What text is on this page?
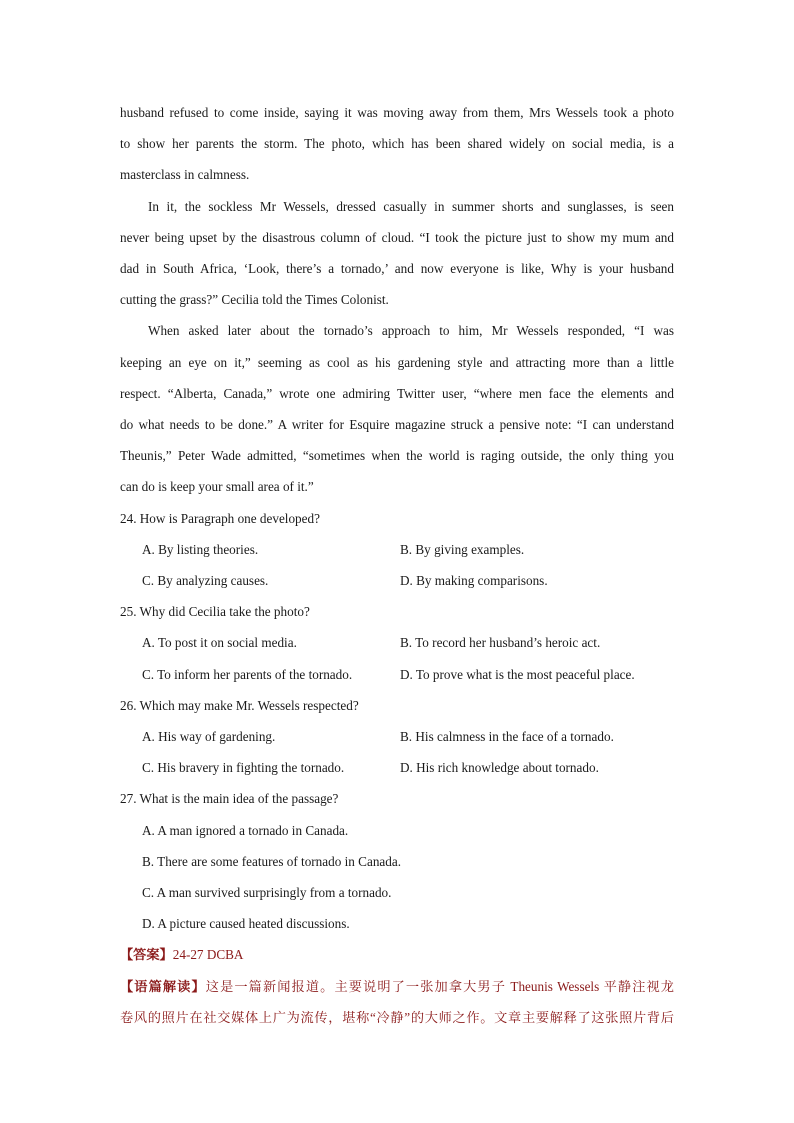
husband refused to come inside, saying it was moving away from them, Mrs Wessels took a photo
to show her parents the storm. The photo, which has been shared widely on social media, is a
masterclass in calmness.
In it, the sockless Mr Wessels, dressed casually in summer shorts and sunglasses, is seen
never being upset by the disastrous column of cloud. “I took the picture just to show my mum and
dad in South Africa, ‘Look, there’s a tornado,’ and now everyone is like, Why is your husband
cutting the grass?” Cecilia told the Times Colonist.
When asked later about the tornado’s approach to him, Mr Wessels responded, “I was
keeping an eye on it,” seeming as cool as his gardening style and attracting more than a little
respect. “Alberta, Canada,” wrote one admiring Twitter user, “where men face the elements and
do what needs to be done.” A writer for Esquire magazine struck a pensive note: “I can understand
Theunis,” Peter Wade admitted, “sometimes when the world is raging outside, the only thing you
can do is keep your small area of it.”

24. How is Paragraph one developed?

A. By listing theories.	B. By giving examples.
C. By analyzing causes.	D. By making comparisons.

25. Why did Cecilia take the photo?

A. To post it on social media.	B. To record her husband’s heroic act.
C. To inform her parents of the tornado.	D. To prove what is the most peaceful place.

26. Which may make Mr. Wessels respected?

A. His way of gardening.	B. His calmness in the face of a tornado.
C. His bravery in fighting the tornado.	D. His rich knowledge about tornado.

27. What is the main idea of the passage?

A. A man ignored a tornado in Canada.
B. There are some features of tornado in Canada.
C. A man survived surprisingly from a tornado.
D. A picture caused heated discussions.

【答案】24-27 DCBA

【语篇解读】这是一篇新闻报道。主要说明了一张加拿大男子 Theunis Wessels 平静注视龙

卷风的照片在社交媒体上广为流传，堪称“冷静”的大师之作。文章主要解释了这张照片背后
